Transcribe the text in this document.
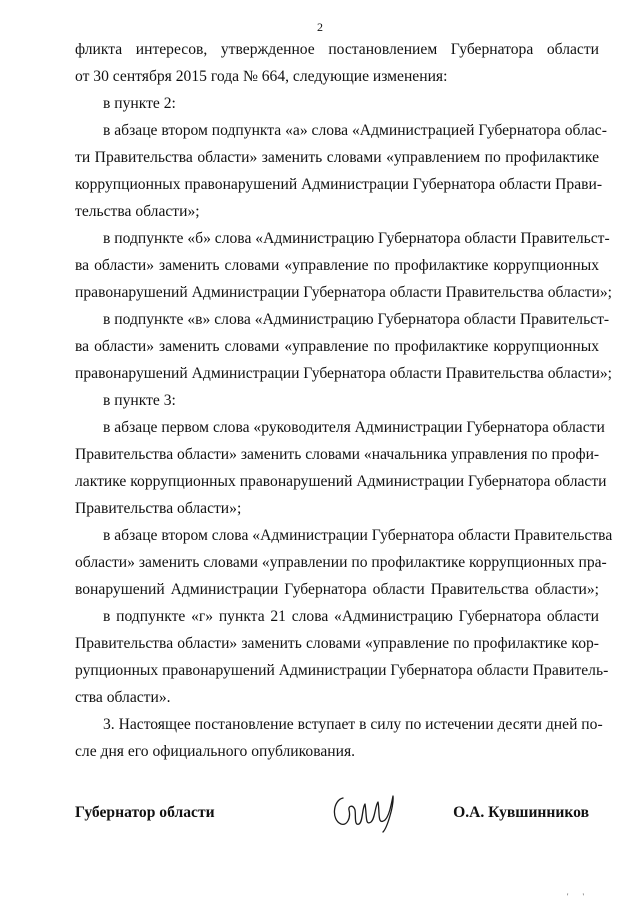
2
фликта интересов, утвержденное постановлением Губернатора области
от 30 сентября 2015 года № 664, следующие изменения:
в пункте 2:
в абзаце втором подпункта «а» слова «Администрацией Губернатора облас-
ти Правительства области» заменить словами «управлением по профилактике
коррупционных правонарушений Администрации Губернатора области Прави-
тельства области»;
в подпункте «б» слова «Администрацию Губернатора области Правительст-
ва области» заменить словами «управление по профилактике коррупционных
правонарушений Администрации Губернатора области Правительства области»;
в подпункте «в» слова «Администрацию Губернатора области Правительст-
ва области» заменить словами «управление по профилактике коррупционных
правонарушений Администрации Губернатора области Правительства области»;
в пункте 3:
в абзаце первом слова «руководителя Администрации Губернатора области
Правительства области» заменить словами «начальника управления по профи-
лактике коррупционных правонарушений Администрации Губернатора области
Правительства области»;
в абзаце втором слова «Администрации Губернатора области Правительства
области» заменить словами «управлении по профилактике коррупционных пра-
вонарушений Администрации Губернатора области Правительства области»;
в подпункте «г» пункта 21 слова «Администрацию Губернатора области
Правительства области» заменить словами «управление по профилактике кор-
рупционных правонарушений Администрации Губернатора области Правитель-
ства области».
3. Настоящее постановление вступает в силу по истечении десяти дней по-
сле дня его официального опубликования.
Губернатор области	О.А. Кувшинников
' '
